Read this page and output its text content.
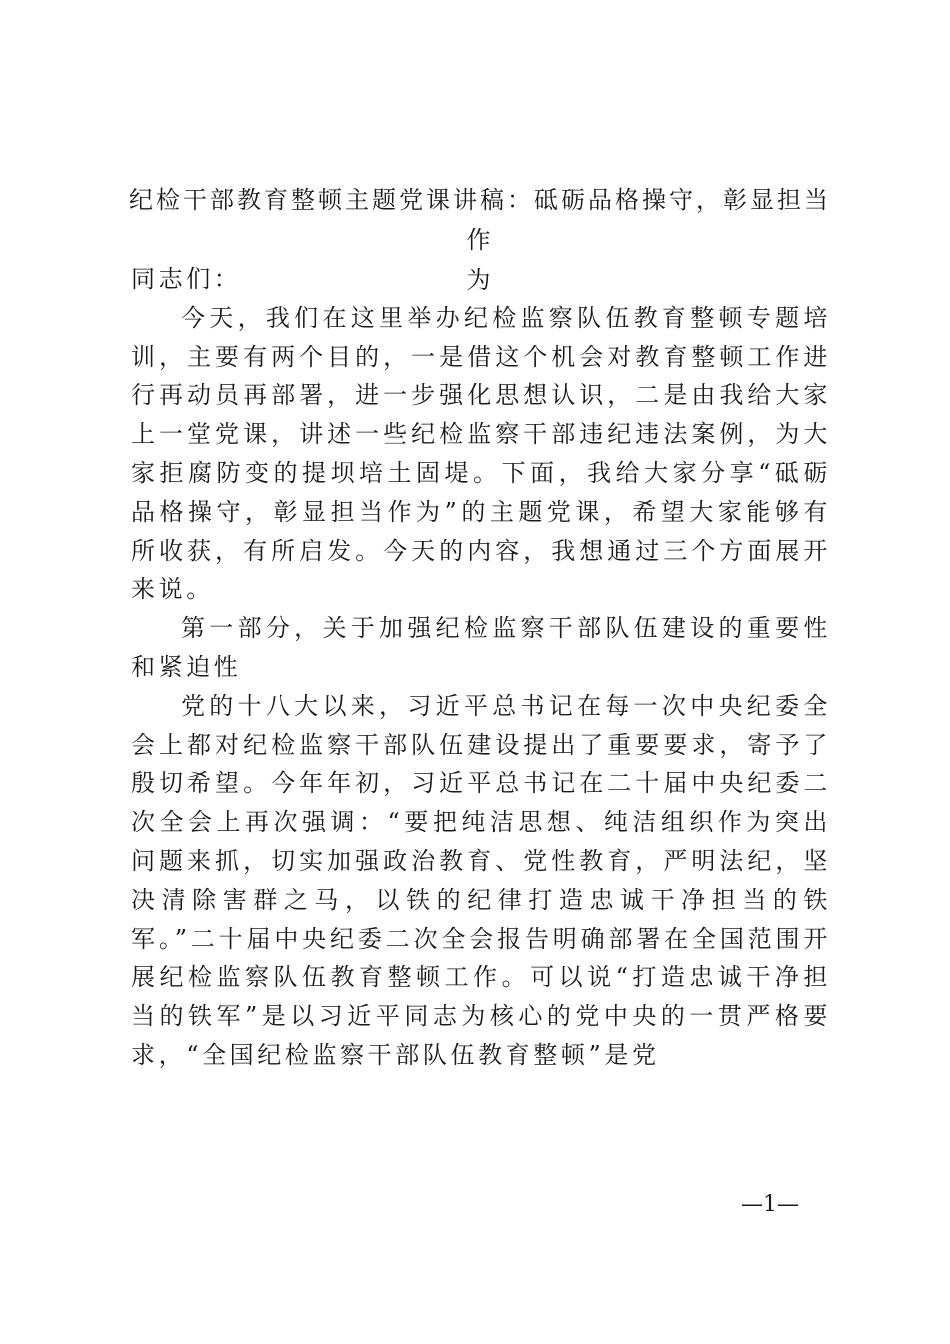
纪检干部教育整顿主题党课讲稿：砥砺品格操守，彰显担当作
为

同志们：

今天，我们在这里举办纪检监察队伍教育整顿专题培训，主要有两个目的，一是借这个机会对教育整顿工作进行再动员再部署，进一步强化思想认识，二是由我给大家上一堂党课，讲述一些纪检监察干部违纪违法案例，为大家拒腐防变的提坝培土固堤。下面，我给大家分享“砥砺品格操守，彰显担当作为”的主题党课，希望大家能够有所收获，有所启发。今天的内容，我想通过三个方面展开来说。

第一部分，关于加强纪检监察干部队伍建设的重要性和紧迫性

党的十八大以来，习近平总书记在每一次中央纪委全会上都对纪检监察干部队伍建设提出了重要要求，寄予了殷切希望。今年年初，习近平总书记在二十届中央纪委二次全会上再次强调：“要把纯洁思想、纯洁组织作为突出问题来抓，切实加强政治教育、党性教育，严明法纪，坚决清除害群之马，以铁的纪律打造忠诚干净担当的铁军。”二十届中央纪委二次全会报告明确部署在全国范围开展纪检监察队伍教育整顿工作。可以说“打造忠诚干净担当的铁军”是以习近平同志为核心的党中央的一贯严格要求，“全国纪检监察干部队伍教育整顿”是党

—1—
